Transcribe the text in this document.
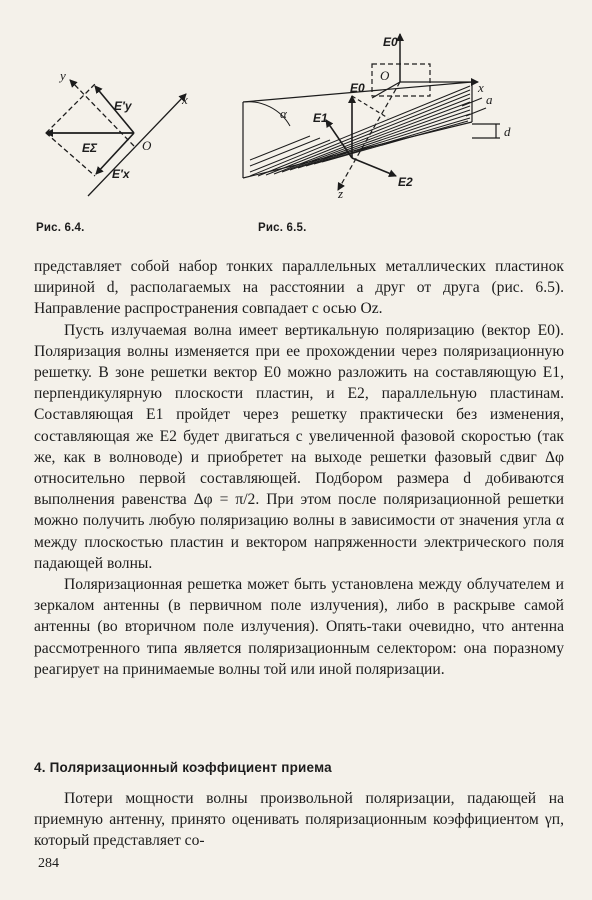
y
x
O
E′y
EΣ
E′x
E0
O
x
E0
E1
E2
z
α
a
d
Рис. 6.4.	Рис. 6.5.

представляет собой набор тонких параллельных металлических пластинок шириной d, располагаемых на расстоянии a друг от друга (рис. 6.5). Направление распространения совпадает с осью Oz.

Пусть излучаемая волна имеет вертикальную поляризацию (вектор E0). Поляризация волны изменяется при ее прохождении через поляризационную решетку. В зоне решетки вектор E0 можно разложить на составляющую E1, перпендикулярную плоскости пластин, и E2, параллельную пластинам. Составляющая E1 пройдет через решетку практически без изменения, составляющая же E2 будет двигаться с увеличенной фазовой скоростью (так же, как в волноводе) и приобретет на выходе решетки фазовый сдвиг Δφ относительно первой составляющей. Подбором размера d добиваются выполнения равенства Δφ = π/2. При этом после поляризационной решетки можно получить любую поляризацию волны в зависимости от значения угла α между плоскостью пластин и вектором напряженности электрического поля падающей волны.

Поляризационная решетка может быть установлена между облучателем и зеркалом антенны (в первичном поле излучения), либо в раскрыве самой антенны (во вторичном поле излучения). Опять-таки очевидно, что антенна рассмотренного типа является поляризационным селектором: она поразному реагирует на принимаемые волны той или иной поляризации.

4. Поляризационный коэффициент приема

Потери мощности волны произвольной поляризации, падающей на приемную антенну, принято оценивать поляризационным коэффициентом γп, который представляет со-

284
